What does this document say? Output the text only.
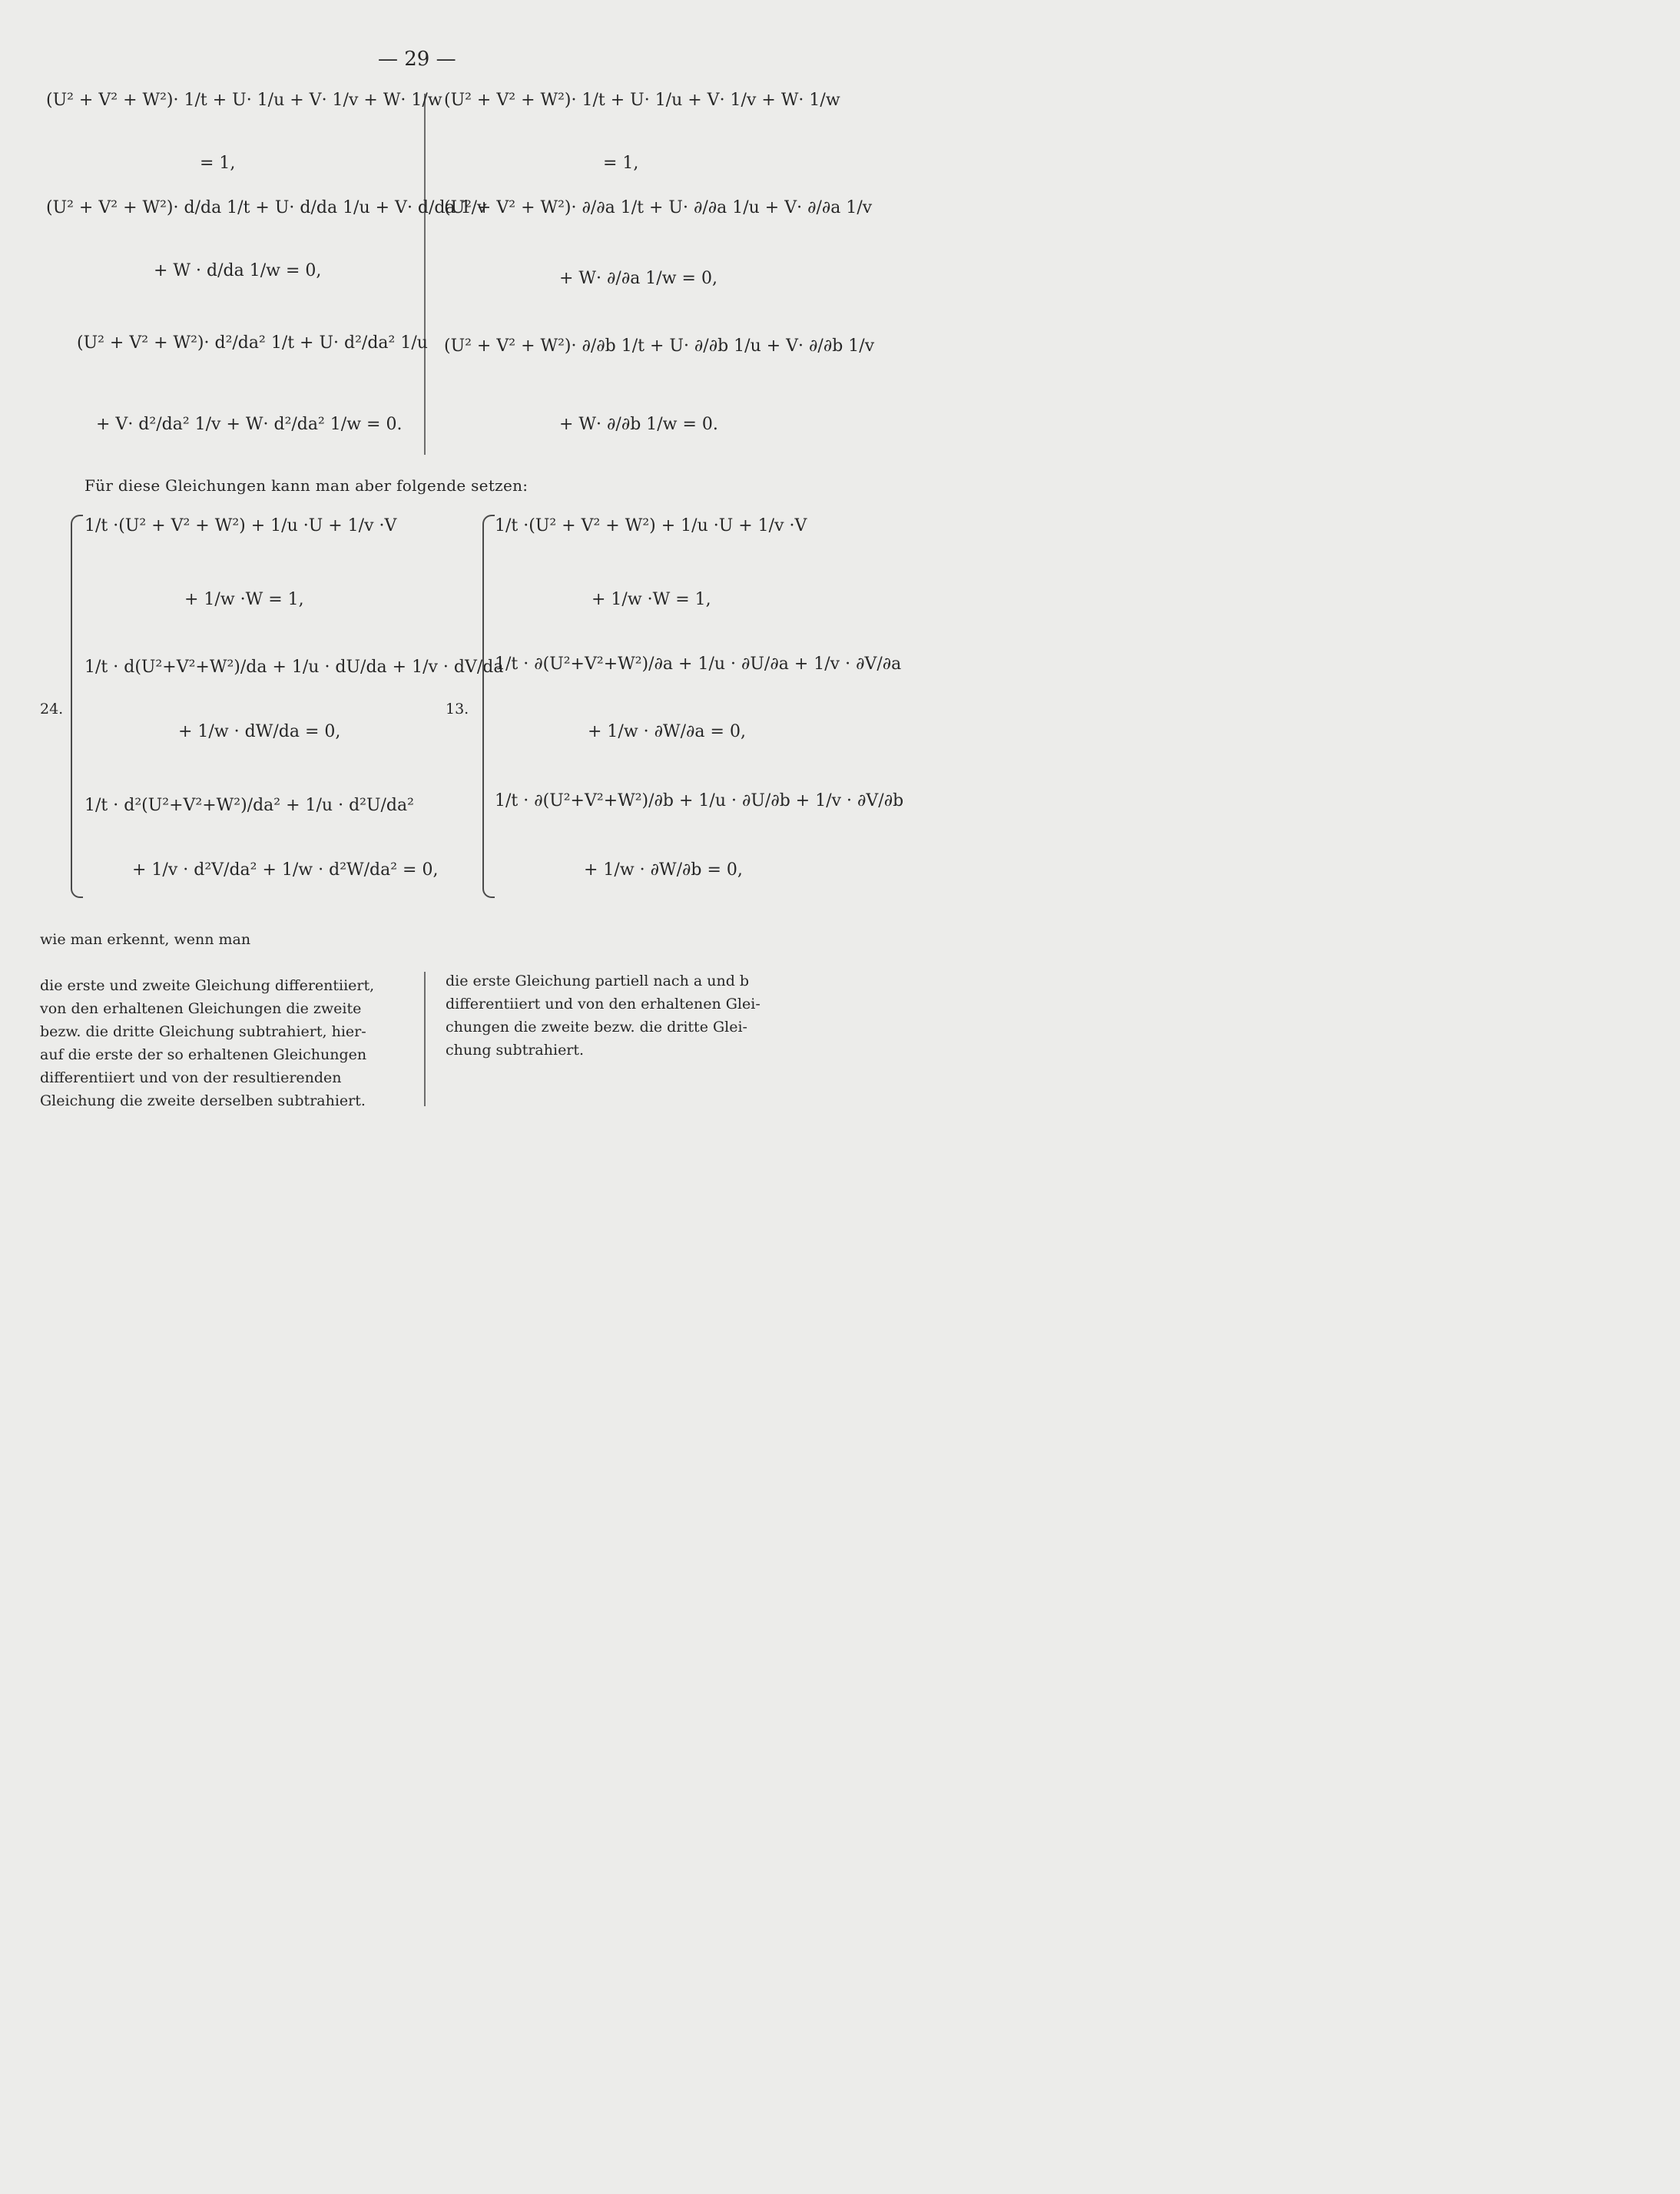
— 29 —
(U² + V² + W²)· 1/t + U· 1/u + V· 1/v + W· 1/w
= 1,
(U² + V² + W²)· d/da 1/t + U· d/da 1/u + V· d/da 1/v
+ W · d/da 1/w = 0,
(U² + V² + W²)· d²/da² 1/t + U· d²/da² 1/u
+ V· d²/da² 1/v + W· d²/da² 1/w = 0.
(U² + V² + W²)· 1/t + U· 1/u + V· 1/v + W· 1/w
= 1,
(U² + V² + W²)· ∂/∂a 1/t + U· ∂/∂a 1/u + V· ∂/∂a 1/v
+ W· ∂/∂a 1/w = 0,
(U² + V² + W²)· ∂/∂b 1/t + U· ∂/∂b 1/u + V· ∂/∂b 1/v
+ W· ∂/∂b 1/w = 0.
Für diese Gleichungen kann man aber folgende setzen:
24.
1/t ·(U² + V² + W²) + 1/u ·U + 1/v ·V
+ 1/w ·W = 1,
1/t · d(U²+V²+W²)/da + 1/u · dU/da + 1/v · dV/da
+ 1/w · dW/da = 0,
1/t · d²(U²+V²+W²)/da² + 1/u · d²U/da²
+ 1/v · d²V/da² + 1/w · d²W/da² = 0,
13.
1/t ·(U² + V² + W²) + 1/u ·U + 1/v ·V
+ 1/w ·W = 1,
1/t · ∂(U²+V²+W²)/∂a + 1/u · ∂U/∂a + 1/v · ∂V/∂a
+ 1/w · ∂W/∂a = 0,
1/t · ∂(U²+V²+W²)/∂b + 1/u · ∂U/∂b + 1/v · ∂V/∂b
+ 1/w · ∂W/∂b = 0,
wie man erkennt, wenn man
die erste und zweite Gleichung differentiiert,
von den erhaltenen Gleichungen die zweite
bezw. die dritte Gleichung subtrahiert, hier-
auf die erste der so erhaltenen Gleichungen
differentiiert und von der resultierenden
Gleichung die zweite derselben subtrahiert.
die erste Gleichung partiell nach a und b
differentiiert und von den erhaltenen Glei-
chungen die zweite bezw. die dritte Glei-
chung subtrahiert.
